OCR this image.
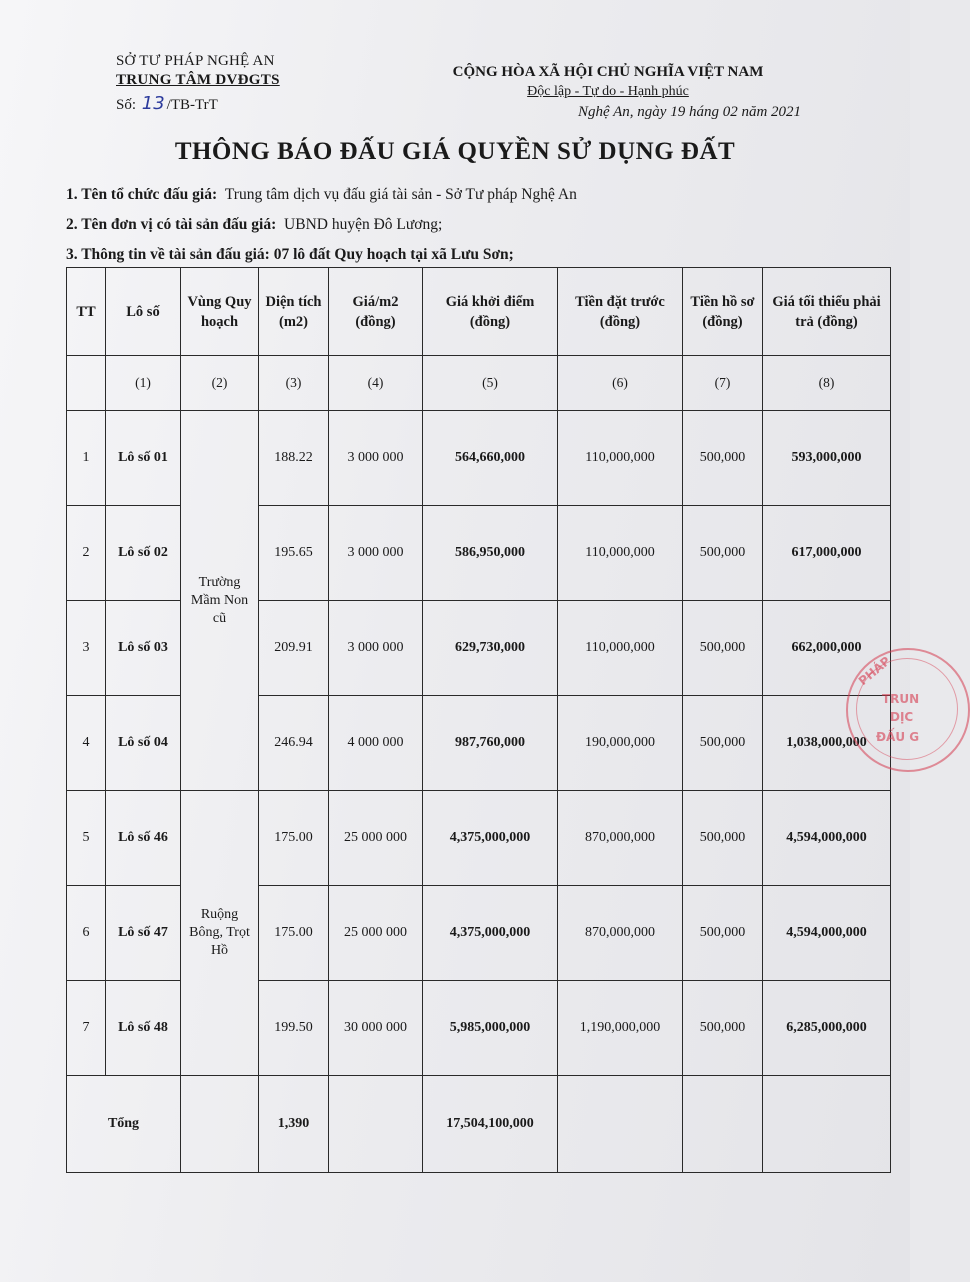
SỞ TƯ PHÁP NGHỆ AN
TRUNG TÂM DVĐGTS
Số: 13 /TB-TrT
CỘNG HÒA XÃ HỘI CHỦ NGHĨA VIỆT NAM
Độc lập - Tự do - Hạnh phúc
Nghệ An, ngày 19 háng 02 năm 2021
THÔNG BÁO ĐẤU GIÁ QUYỀN SỬ DỤNG ĐẤT
1. Tên tổ chức đấu giá: Trung tâm dịch vụ đấu giá tài sản - Sở Tư pháp Nghệ An
2. Tên đơn vị có tài sản đấu giá: UBND huyện Đô Lương;
3. Thông tin về tài sản đấu giá: 07 lô đất Quy hoạch tại xã Lưu Sơn;
TT	Lô số	Vùng Quy hoạch	Diện tích (m2)	Giá/m2 (đồng)	Giá khởi điểm (đồng)	Tiền đặt trước (đồng)	Tiền hồ sơ (đồng)	Giá tối thiểu phải trả (đồng)
	(1)	(2)	(3)	(4)	(5)	(6)	(7)	(8)
1	Lô số 01	Trường Mầm Non cũ	188.22	3 000 000	564,660,000	110,000,000	500,000	593,000,000
2	Lô số 02		195.65	3 000 000	586,950,000	110,000,000	500,000	617,000,000
3	Lô số 03		209.91	3 000 000	629,730,000	110,000,000	500,000	662,000,000
4	Lô số 04		246.94	4 000 000	987,760,000	190,000,000	500,000	1,038,000,000
5	Lô số 46	Ruộng Bông, Trọt Hồ	175.00	25 000 000	4,375,000,000	870,000,000	500,000	4,594,000,000
6	Lô số 47		175.00	25 000 000	4,375,000,000	870,000,000	500,000	4,594,000,000
7	Lô số 48		199.50	30 000 000	5,985,000,000	1,190,000,000	500,000	6,285,000,000
Tổng			1,390		17,504,100,000			
PHÁP
TRUN
DỊC
ĐẤU G
